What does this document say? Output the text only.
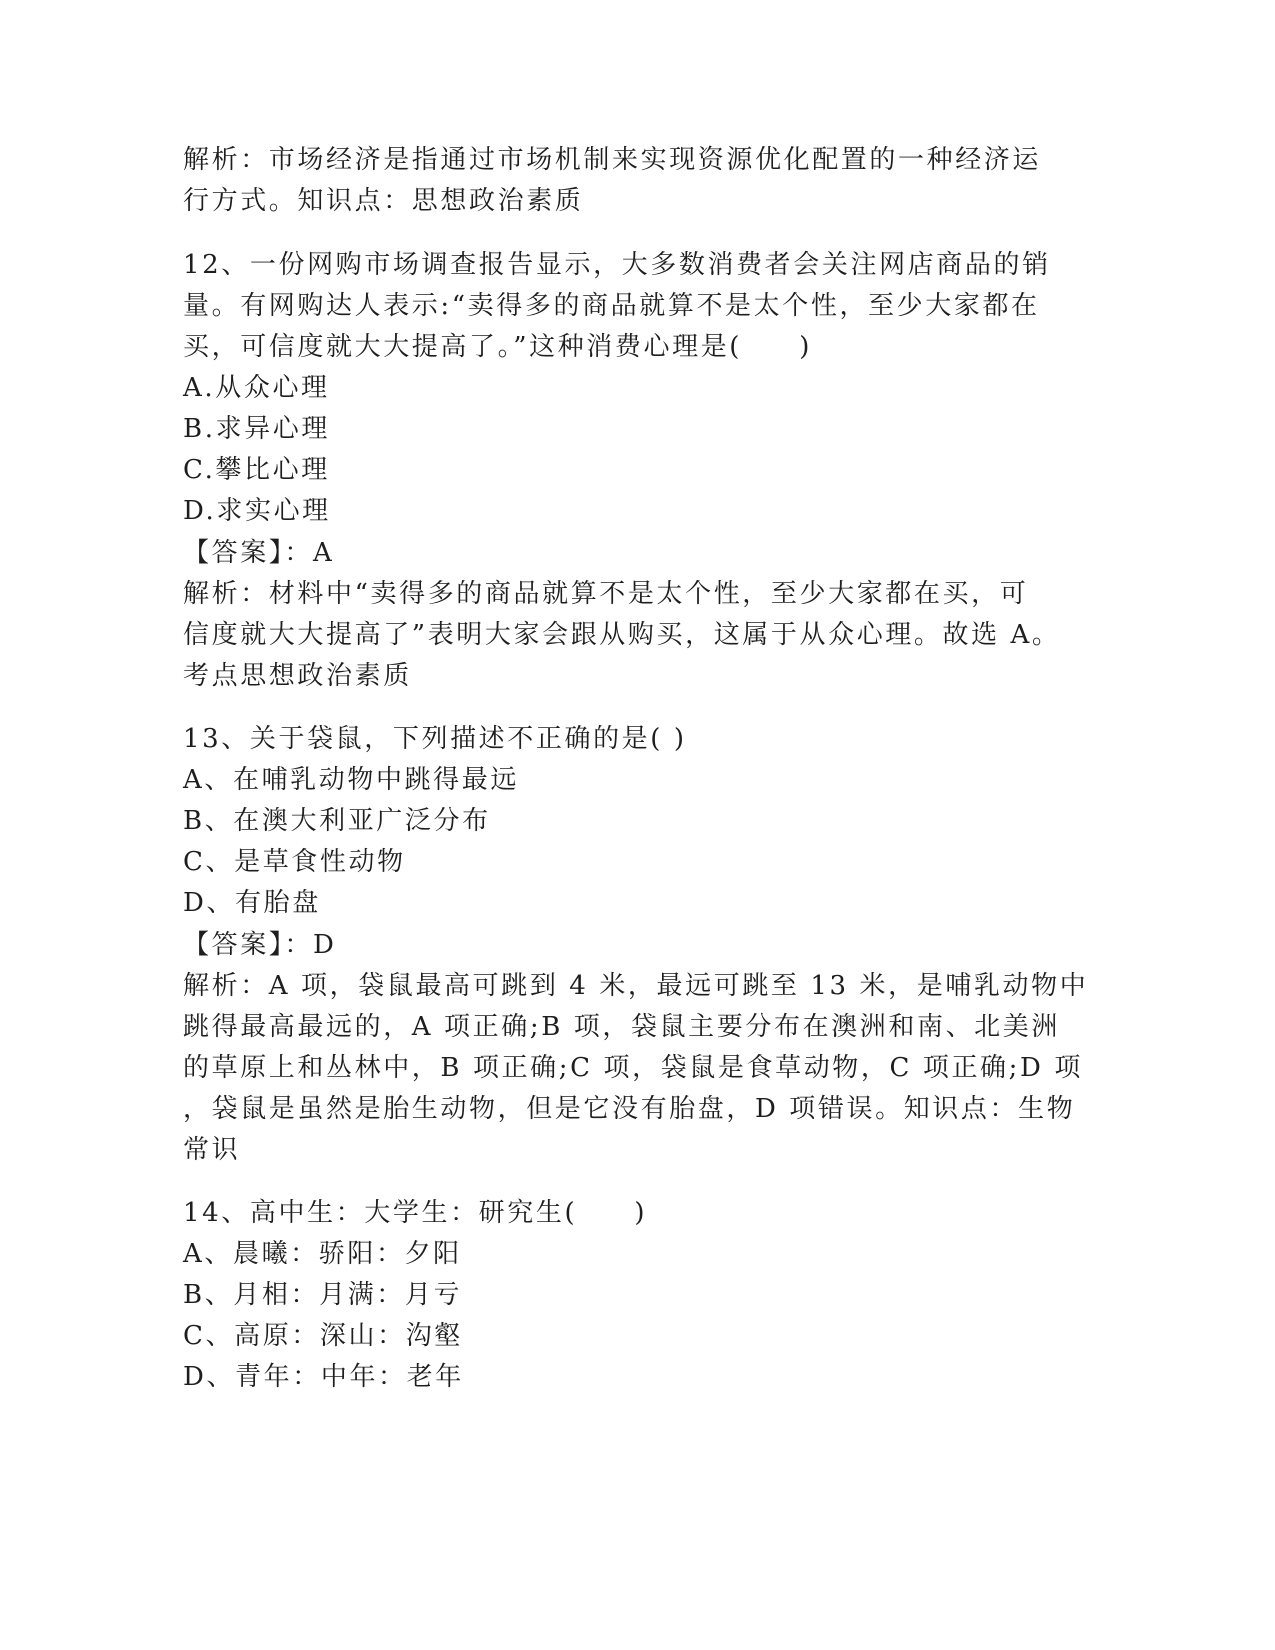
解析：市场经济是指通过市场机制来实现资源优化配置的一种经济运
行方式。知识点：思想政治素质
12、一份网购市场调查报告显示，大多数消费者会关注网店商品的销
量。有网购达人表示:“卖得多的商品就算不是太个性，至少大家都在
买，可信度就大大提高了。”这种消费心理是(　　)
A.从众心理
B.求异心理
C.攀比心理
D.求实心理
【答案】：A
解析：材料中“卖得多的商品就算不是太个性，至少大家都在买，可
信度就大大提高了”表明大家会跟从购买，这属于从众心理。故选 A。
考点思想政治素质
13、关于袋鼠，下列描述不正确的是( )
A、在哺乳动物中跳得最远
B、在澳大利亚广泛分布
C、是草食性动物
D、有胎盘
【答案】：D
解析：A 项，袋鼠最高可跳到 4 米，最远可跳至 13 米，是哺乳动物中
跳得最高最远的，A 项正确;B 项，袋鼠主要分布在澳洲和南、北美洲
的草原上和丛林中，B 项正确;C 项，袋鼠是食草动物，C 项正确;D 项
，袋鼠是虽然是胎生动物，但是它没有胎盘，D 项错误。知识点：生物
常识
14、高中生：大学生：研究生(　　)
A、晨曦：骄阳：夕阳
B、月相：月满：月亏
C、高原：深山：沟壑
D、青年：中年：老年
